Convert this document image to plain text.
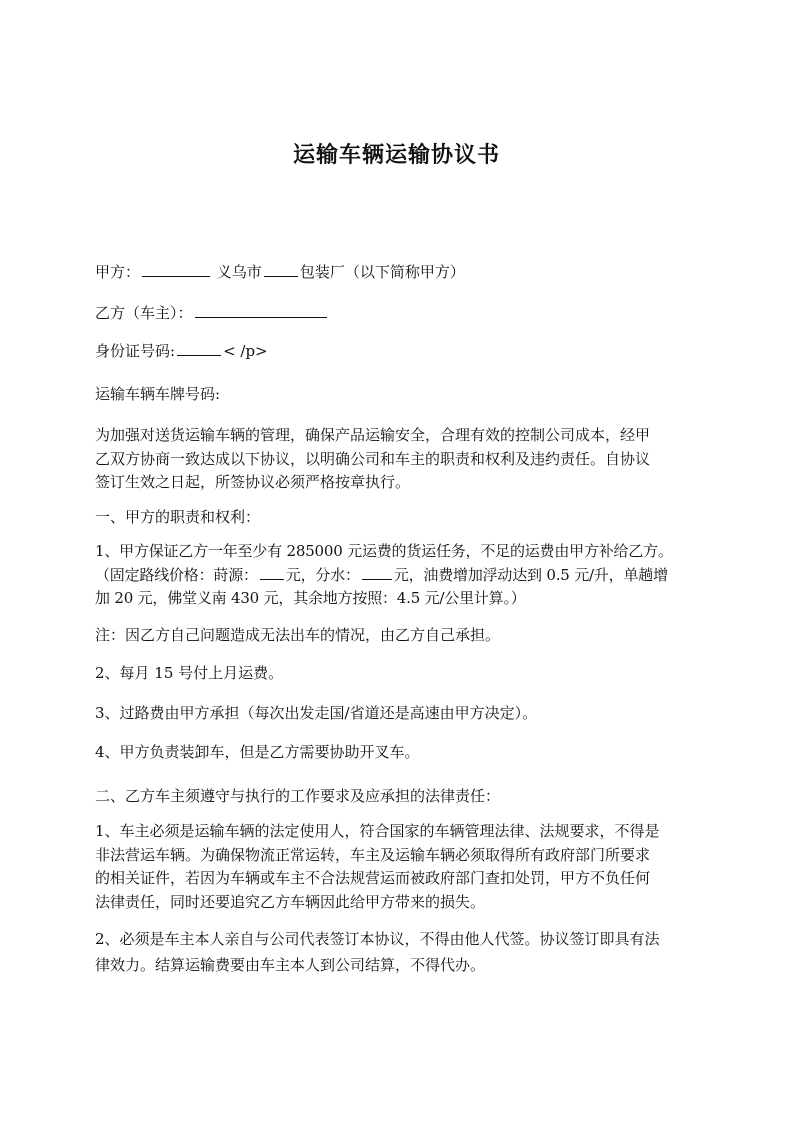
运输车辆运输协议书
甲方：	义乌市	包装厂（以下简称甲方）
乙方（车主）：
身份证号码:	< /p>
运输车辆车牌号码:
为加强对送货运输车辆的管理，确保产品运输安全，合理有效的控制公司成本，经甲
乙双方协商一致达成以下协议，以明确公司和车主的职责和权利及违约责任。自协议
签订生效之日起，所签协议必须严格按章执行。
一、甲方的职责和权利：
1、甲方保证乙方一年至少有 285000 元运费的货运任务，不足的运费由甲方补给乙方。
（固定路线价格：莳源： 元，分水： 元，油费增加浮动达到 0.5 元/升，单趟增
加 20 元，佛堂义南 430 元，其余地方按照：4.5 元/公里计算。）
注：因乙方自己问题造成无法出车的情况，由乙方自己承担。
2、每月 15 号付上月运费。
3、过路费由甲方承担（每次出发走国/省道还是高速由甲方决定）。
4、甲方负责装卸车，但是乙方需要协助开叉车。
二、乙方车主须遵守与执行的工作要求及应承担的法律责任：
1、车主必须是运输车辆的法定使用人，符合国家的车辆管理法律、法规要求，不得是
非法营运车辆。为确保物流正常运转，车主及运输车辆必须取得所有政府部门所要求
的相关证件，若因为车辆或车主不合法规营运而被政府部门查扣处罚，甲方不负任何
法律责任，同时还要追究乙方车辆因此给甲方带来的损失。
2、必须是车主本人亲自与公司代表签订本协议，不得由他人代签。协议签订即具有法
律效力。结算运输费要由车主本人到公司结算，不得代办。
